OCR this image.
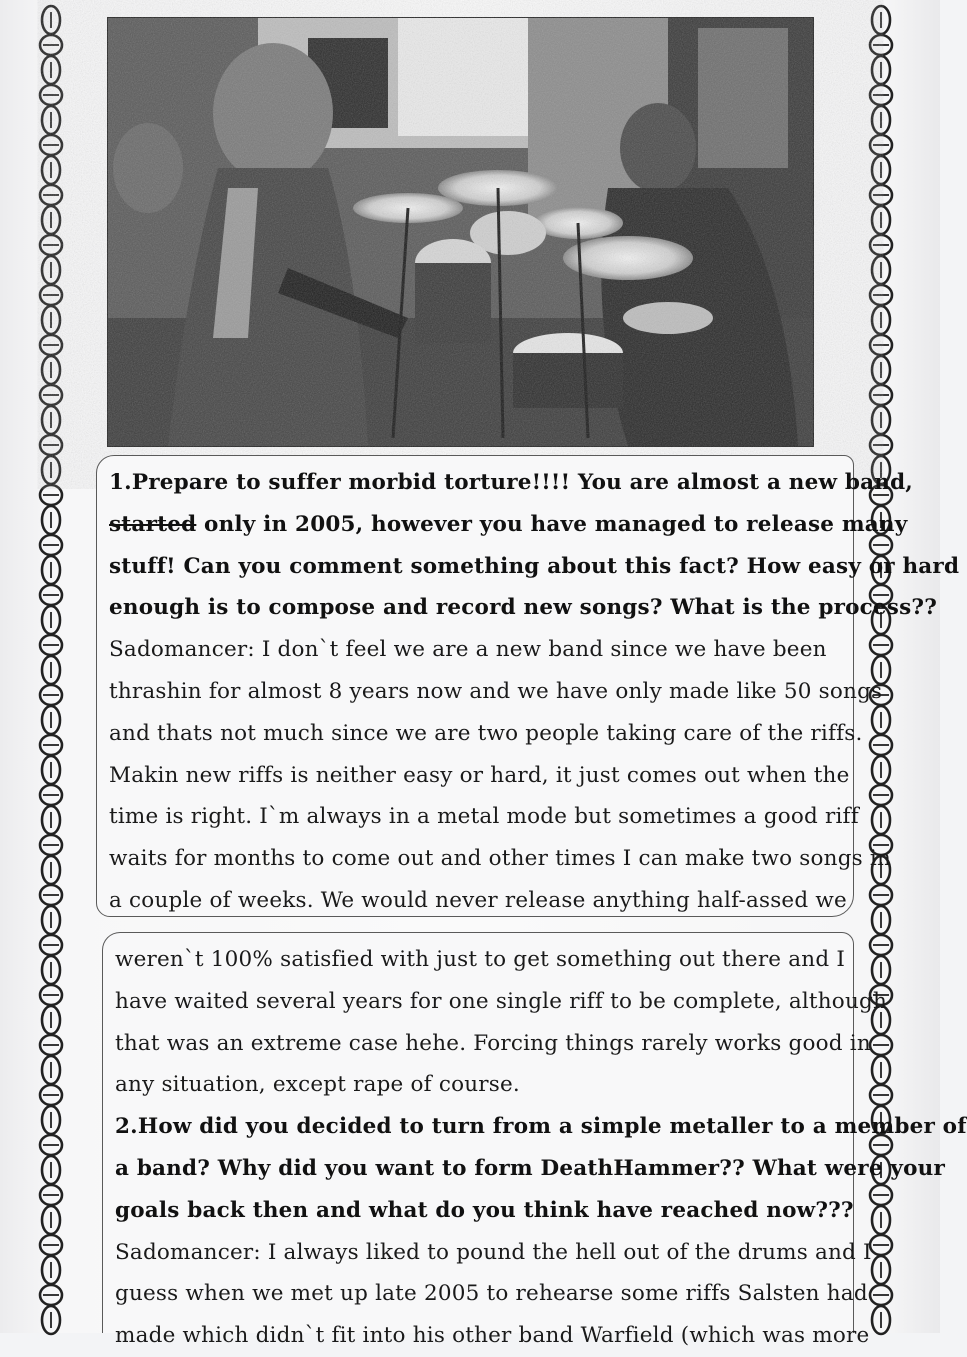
1.Prepare to suffer morbid torture!!!! You are almost a new band,
started only in 2005, however you have managed to release many
stuff! Can you comment something about this fact? How easy or hard
enough is to compose and record new songs? What is the process??
Sadomancer: I don`t feel we are a new band since we have been
thrashin for almost 8 years now and we have only made like 50 songs
and thats not much since we are two people taking care of the riffs.
Makin new riffs is neither easy or hard, it just comes out when the
time is right. I`m always in a metal mode but sometimes a good riff
waits for months to come out and other times I can make two songs in
a couple of weeks. We would never release anything half-assed we
weren`t 100% satisfied with just to get something out there and I
have waited several years for one single riff to be complete, although
that was an extreme case hehe. Forcing things rarely works good in
any situation, except rape of course.
2.How did you decided to turn from a simple metaller to a member of
a band? Why did you want to form DeathHammer?? What were your
goals back then and what do you think have reached now???
Sadomancer: I always liked to pound the hell out of the drums and I
guess when we met up late 2005 to rehearse some riffs Salsten had
made which didn`t fit into his other band Warfield (which was more
